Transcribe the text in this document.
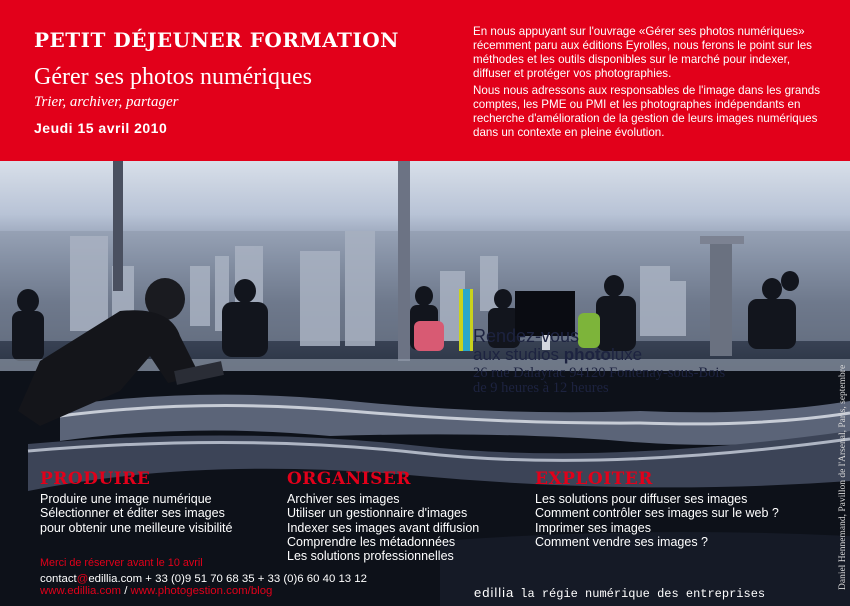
PETIT DÉJEUNER FORMATION
Gérer ses photos numériques
Trier, archiver, partager
Jeudi 15 avril 2010

En nous appuyant sur l'ouvrage «Gérer ses photos numériques» récemment paru aux éditions Eyrolles, nous ferons le point sur les méthodes et les outils disponibles sur le marché pour indexer, diffuser et protéger vos photographies.

Nous nous adressons aux responsables de l'image dans les grands comptes, les PME ou PMI et les photographes indépendants en recherche d'amélioration de la gestion de leurs images numériques dans un contexte en pleine évolution.

Rendez-vous
aux studios photoluxe
26 rue Dalayrac 94120 Fontenay-sous-Bois
de 9 heures à 12 heures	Daniel Hennemand, Pavillon de l'Arsenal, Paris, septembre
PRODUIRE
Produire une image numérique
Sélectionner et éditer ses images
pour obtenir une meilleure visibilité
ORGANISER
Archiver ses images
Utiliser un gestionnaire d'images
Indexer ses images avant diffusion
Comprendre les métadonnées
Les solutions professionnelles
EXPLOITER
Les solutions pour diffuser ses images
Comment contrôler ses images sur le web ?
Imprimer ses images
Comment vendre ses images ?
Merci de réserver avant le 10 avril
contact@edillia.com + 33 (0)9 51 70 68 35 + 33 (0)6 60 40 13 12
www.edillia.com / www.photogestion.com/blog	edillia la régie numérique des entreprises
